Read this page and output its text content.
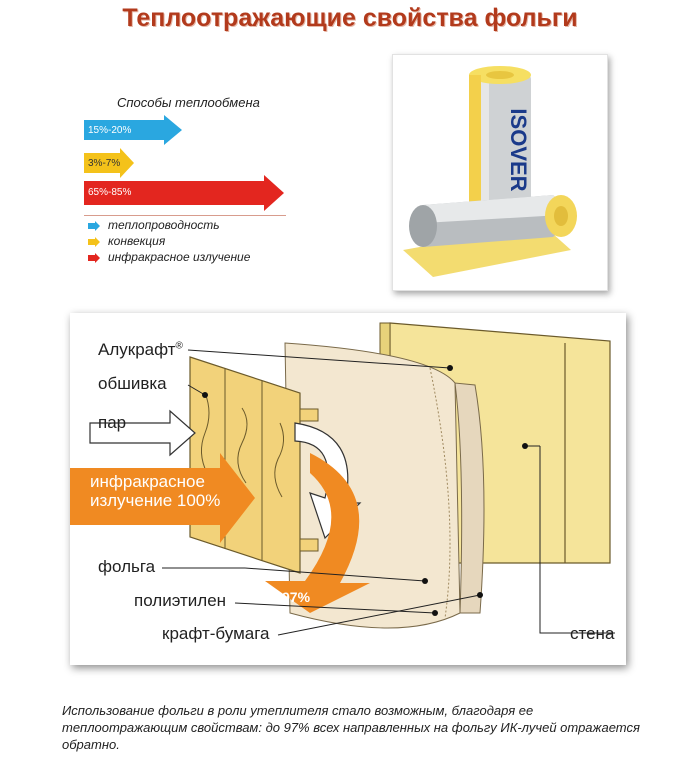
Теплоотражающие свойства фольги
Способы теплообмена
15%-20%
3%-7%
65%-85%
теплопроводность
конвекция
инфракрасное излучение
ISOVER
Алукрафт®
обшивка
пар
инфракрасное
излучение 100%
97%
фольга
полиэтилен
крафт-бумага	стена
Использование фольги в роли утеплителя стало возможным, благодаря ее теплоотражающим свойствам: до 97% всех направленных на фольгу ИК-лучей отражается обратно.
